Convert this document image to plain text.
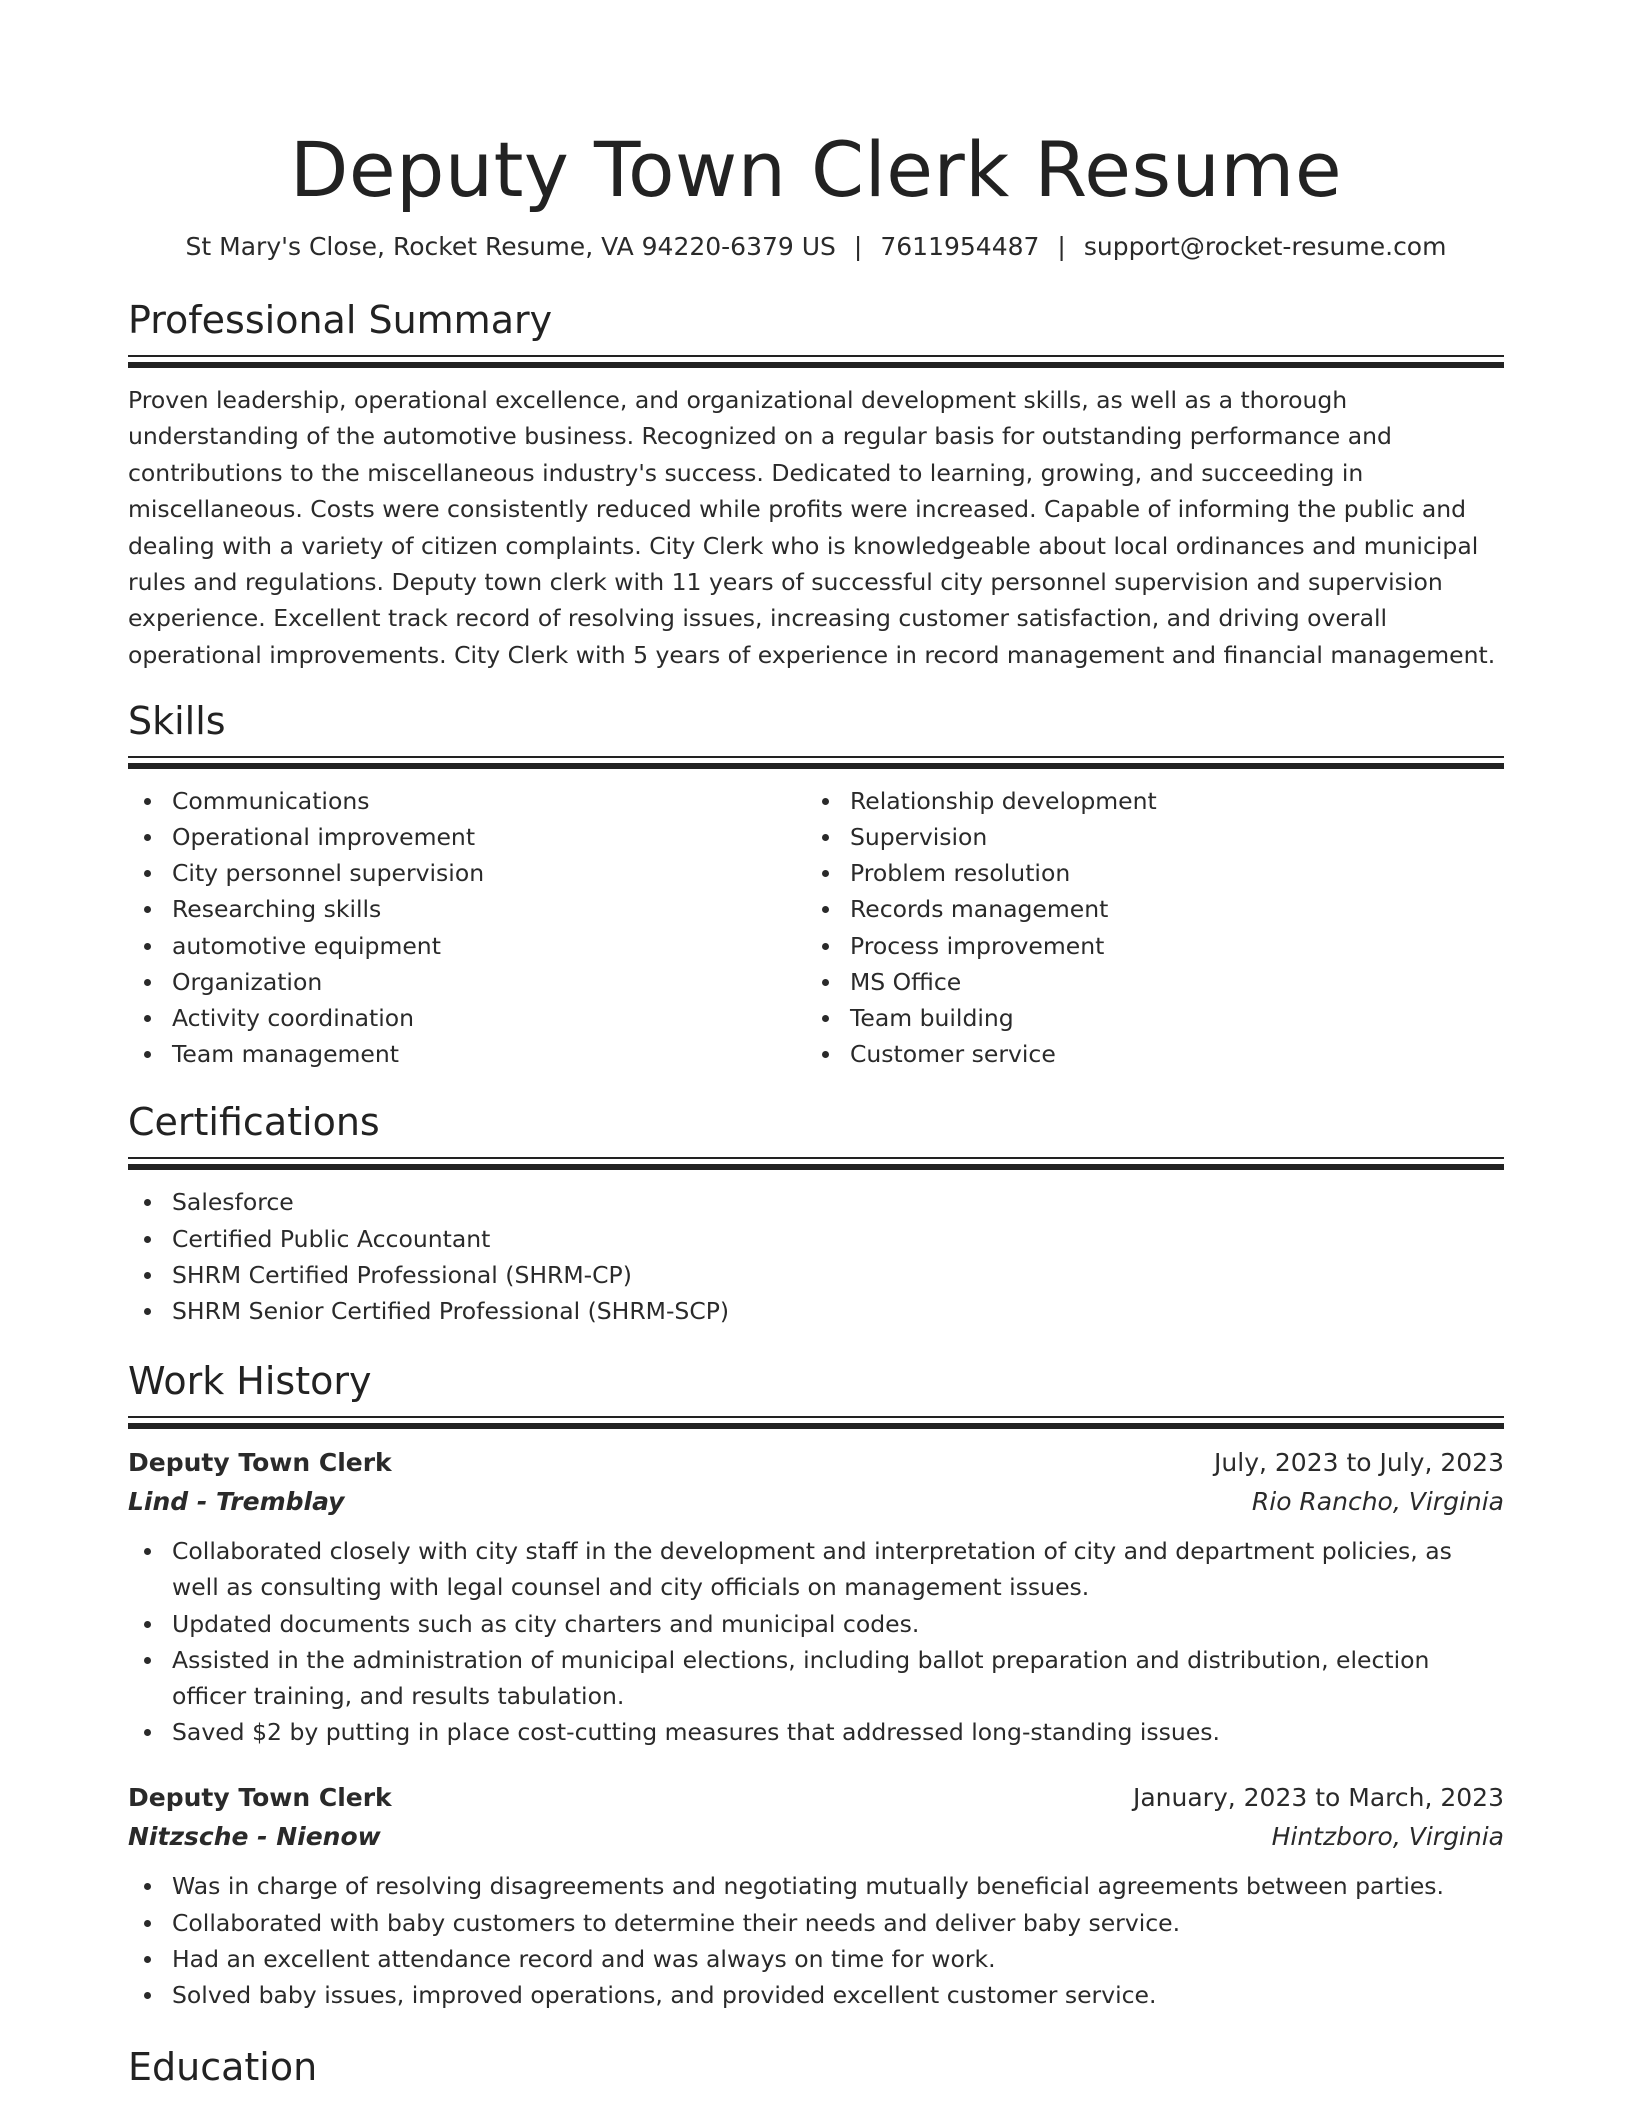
Deputy Town Clerk Resume
St Mary's Close, Rocket Resume, VA 94220-6379 US | 7611954487 | support@rocket-resume.com
Professional Summary

Proven leadership, operational excellence, and organizational development skills, as well as a thorough understanding of the automotive business. Recognized on a regular basis for outstanding performance and contributions to the miscellaneous industry's success. Dedicated to learning, growing, and succeeding in miscellaneous. Costs were consistently reduced while profits were increased. Capable of informing the public and dealing with a variety of citizen complaints. City Clerk who is knowledgeable about local ordinances and municipal rules and regulations. Deputy town clerk with 11 years of successful city personnel supervision and supervision experience. Excellent track record of resolving issues, increasing customer satisfaction, and driving overall operational improvements. City Clerk with 5 years of experience in record management and financial management.

Skills
Communications
Operational improvement
City personnel supervision
Researching skills
automotive equipment
Organization
Activity coordination
Team management
Relationship development
Supervision
Problem resolution
Records management
Process improvement
MS Office
Team building
Customer service
Certifications
Salesforce
Certified Public Accountant
SHRM Certified Professional (SHRM-CP)
SHRM Senior Certified Professional (SHRM-SCP)
Work History
Deputy Town Clerk	July, 2023 to July, 2023
Lind - Tremblay	Rio Rancho, Virginia
Collaborated closely with city staff in the development and interpretation of city and department policies, as well as consulting with legal counsel and city officials on management issues.
Updated documents such as city charters and municipal codes.
Assisted in the administration of municipal elections, including ballot preparation and distribution, election officer training, and results tabulation.
Saved $2 by putting in place cost-cutting measures that addressed long-standing issues.
Deputy Town Clerk	January, 2023 to March, 2023
Nitzsche - Nienow	Hintzboro, Virginia
Was in charge of resolving disagreements and negotiating mutually beneficial agreements between parties.
Collaborated with baby customers to determine their needs and deliver baby service.
Had an excellent attendance record and was always on time for work.
Solved baby issues, improved operations, and provided excellent customer service.
Education
